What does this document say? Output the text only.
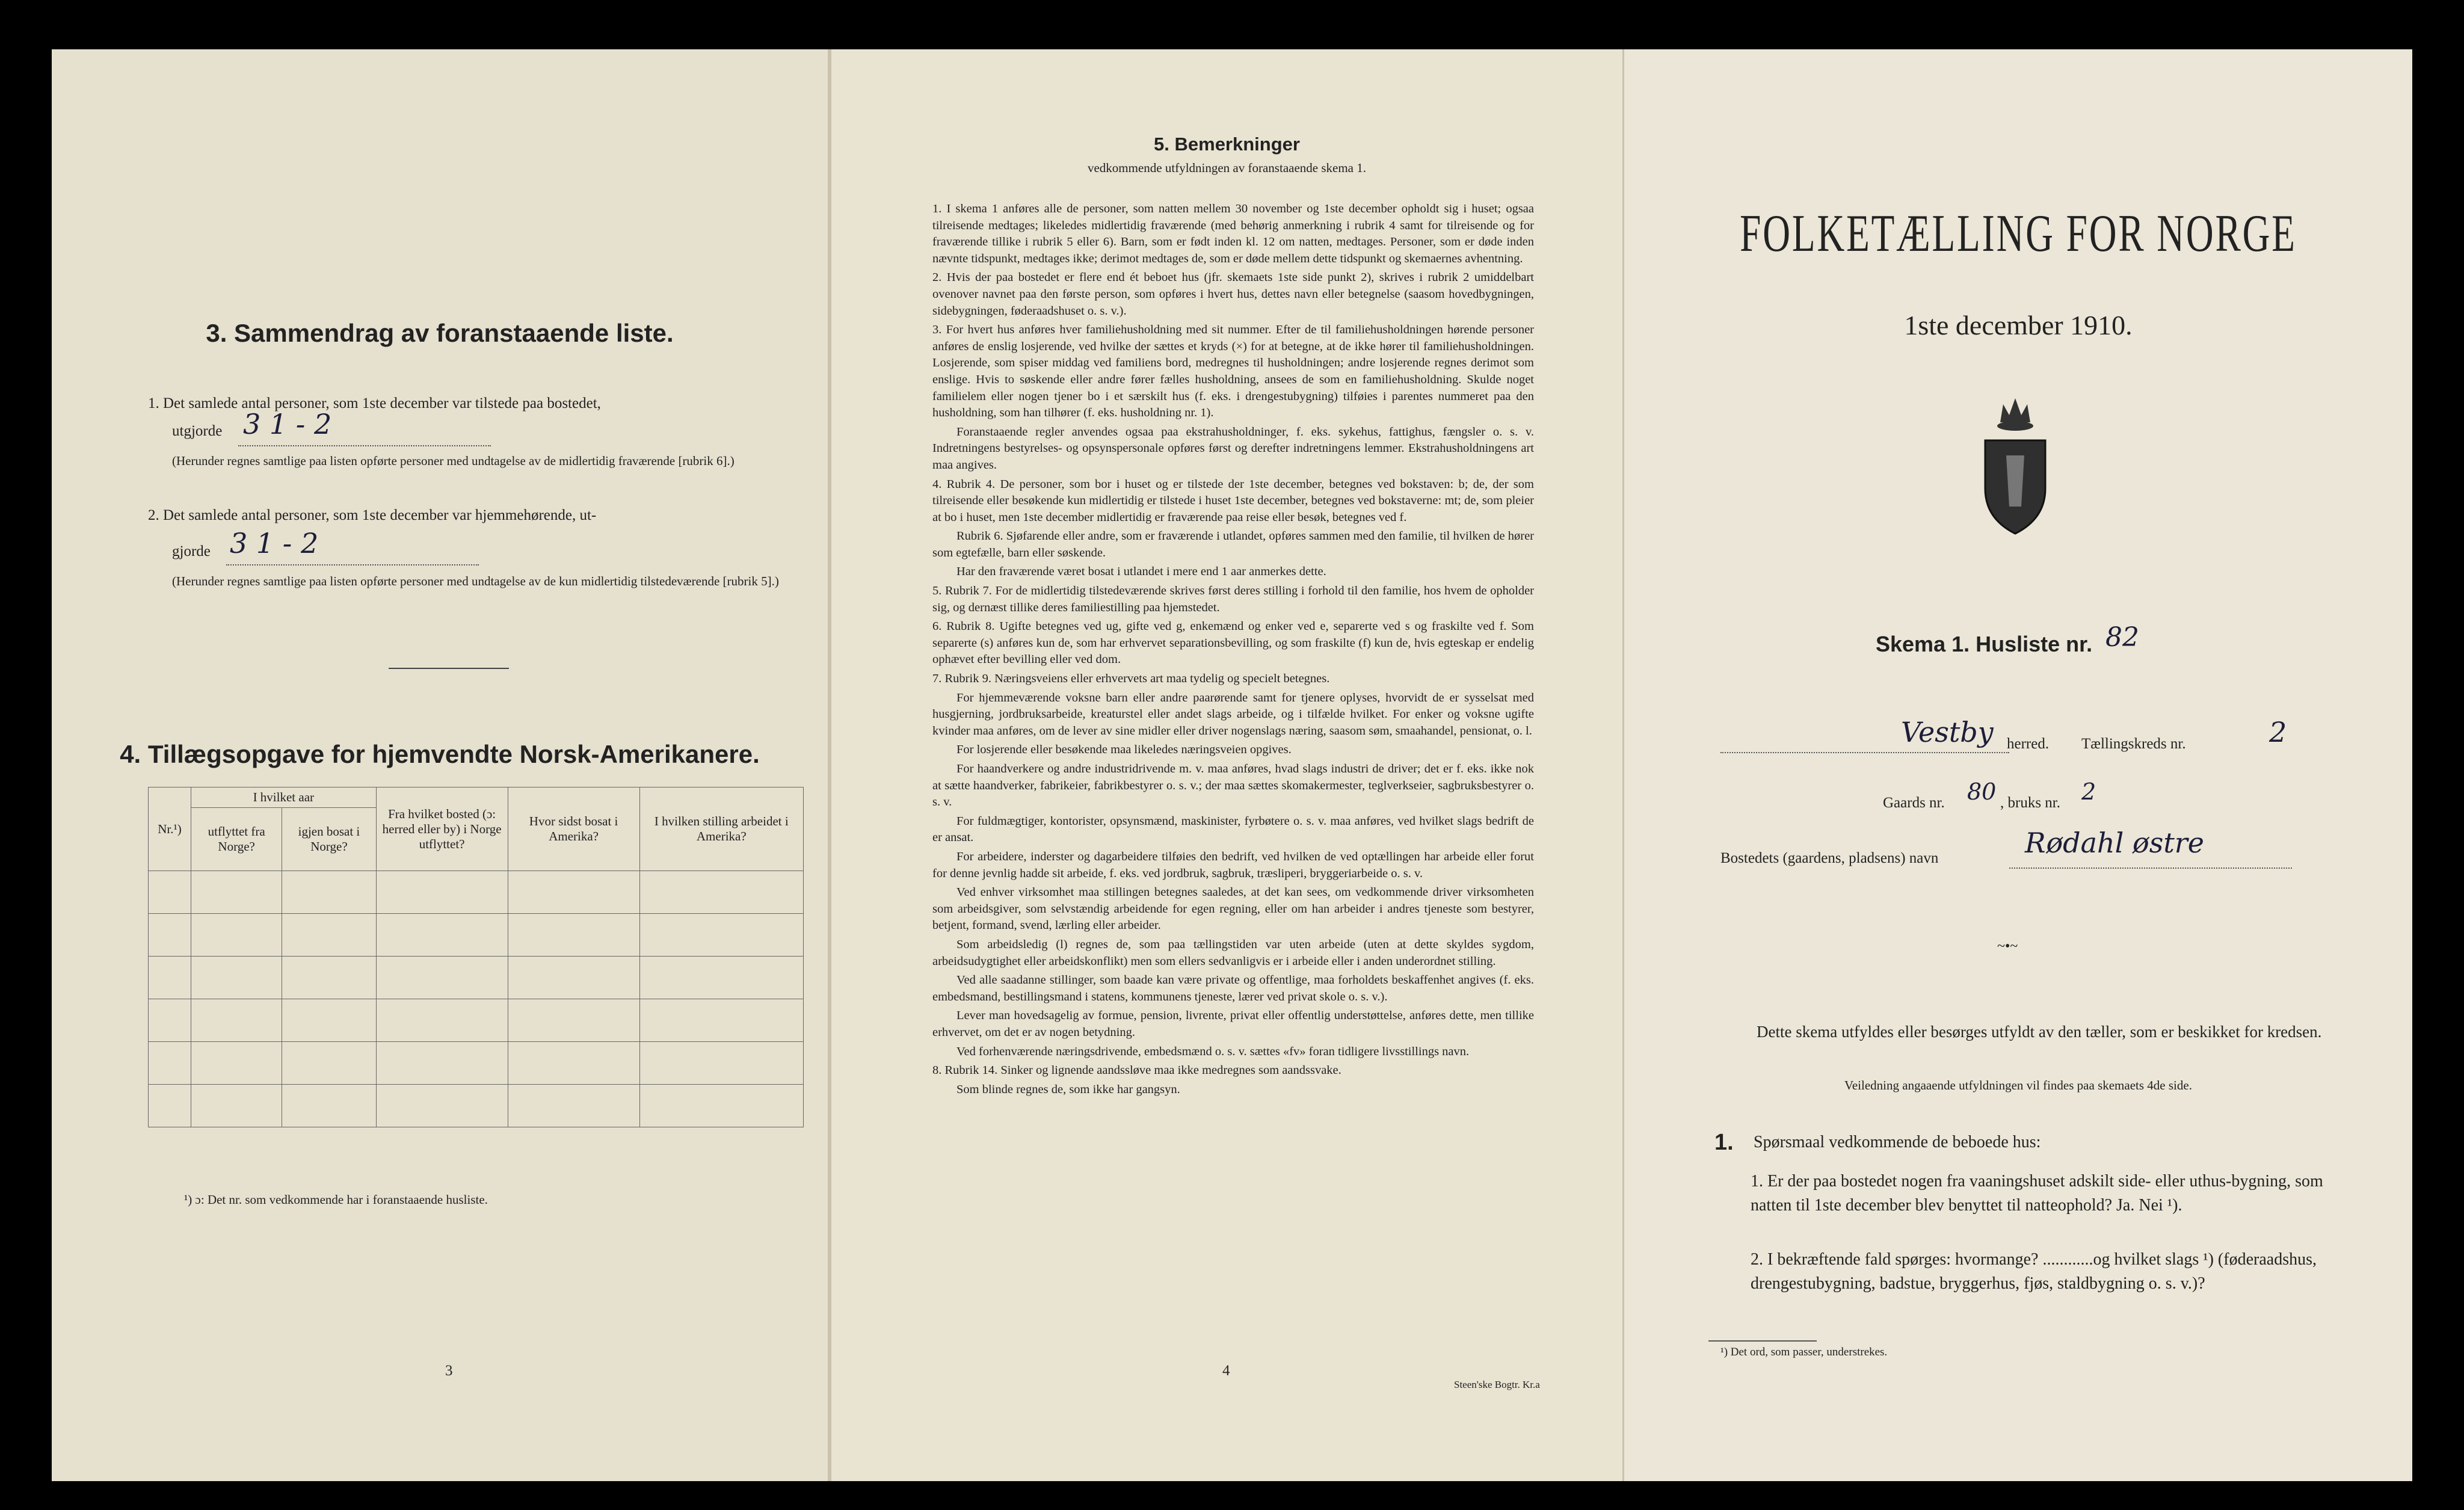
3. Sammendrag av foranstaaende liste.
1. Det samlede antal personer, som 1ste december var tilstede paa bostedet,
utgjorde 3 1 - 2
(Herunder regnes samtlige paa listen opførte personer med undtagelse av de midlertidig fraværende [rubrik 6].)
2. Det samlede antal personer, som 1ste december var hjemmehørende, ut-
gjorde 3 1 - 2
(Herunder regnes samtlige paa listen opførte personer med undtagelse av de kun midlertidig tilstedeværende [rubrik 5].)
4. Tillægsopgave for hjemvendte Norsk-Amerikanere.
Nr.¹)	I hvilket aar		Fra hvilket bosted (ɔ: herred eller by) i Norge utflyttet?	Hvor sidst bosat i Amerika?	I hvilken stilling arbeidet i Amerika?
	utflyttet fra Norge?	igjen bosat i Norge?			

¹) ɔ: Det nr. som vedkommende har i foranstaaende husliste.
3
5. Bemerkninger
vedkommende utfyldningen av foranstaaende skema 1.

1. I skema 1 anføres alle de personer, som natten mellem 30 november og 1ste december opholdt sig i huset; ogsaa tilreisende medtages; likeledes midlertidig fraværende (med behørig anmerkning i rubrik 4 samt for tilreisende og for fraværende tillike i rubrik 5 eller 6). Barn, som er født inden kl. 12 om natten, medtages. Personer, som er døde inden nævnte tidspunkt, medtages ikke; derimot medtages de, som er døde mellem dette tidspunkt og skemaernes avhentning.

2. Hvis der paa bostedet er flere end ét beboet hus (jfr. skemaets 1ste side punkt 2), skrives i rubrik 2 umiddelbart ovenover navnet paa den første person, som opføres i hvert hus, dettes navn eller betegnelse (saasom hovedbygningen, sidebygningen, føderaadshuset o. s. v.).

3. For hvert hus anføres hver familiehusholdning med sit nummer. Efter de til familiehusholdningen hørende personer anføres de enslig losjerende, ved hvilke der sættes et kryds (×) for at betegne, at de ikke hører til familiehusholdningen. Losjerende, som spiser middag ved familiens bord, medregnes til husholdningen; andre losjerende regnes derimot som enslige. Hvis to søskende eller andre fører fælles husholdning, ansees de som en familiehusholdning. Skulde noget familielem eller nogen tjener bo i et særskilt hus (f. eks. i drengestubygning) tilføies i parentes nummeret paa den husholdning, som han tilhører (f. eks. husholdning nr. 1).

Foranstaaende regler anvendes ogsaa paa ekstrahusholdninger, f. eks. sykehus, fattighus, fængsler o. s. v. Indretningens bestyrelses- og opsynspersonale opføres først og derefter indretningens lemmer. Ekstrahusholdningens art maa angives.

4. Rubrik 4. De personer, som bor i huset og er tilstede der 1ste december, betegnes ved bokstaven: b; de, der som tilreisende eller besøkende kun midlertidig er tilstede i huset 1ste december, betegnes ved bokstaverne: mt; de, som pleier at bo i huset, men 1ste december midlertidig er fraværende paa reise eller besøk, betegnes ved f.

Rubrik 6. Sjøfarende eller andre, som er fraværende i utlandet, opføres sammen med den familie, til hvilken de hører som egtefælle, barn eller søskende.

Har den fraværende været bosat i utlandet i mere end 1 aar anmerkes dette.

5. Rubrik 7. For de midlertidig tilstedeværende skrives først deres stilling i forhold til den familie, hos hvem de opholder sig, og dernæst tillike deres familiestilling paa hjemstedet.

6. Rubrik 8. Ugifte betegnes ved ug, gifte ved g, enkemænd og enker ved e, separerte ved s og fraskilte ved f. Som separerte (s) anføres kun de, som har erhvervet separationsbevilling, og som fraskilte (f) kun de, hvis egteskap er endelig ophævet efter bevilling eller ved dom.

7. Rubrik 9. Næringsveiens eller erhvervets art maa tydelig og specielt betegnes.

For hjemmeværende voksne barn eller andre paarørende samt for tjenere oplyses, hvorvidt de er sysselsat med husgjerning, jordbruksarbeide, kreaturstel eller andet slags arbeide, og i tilfælde hvilket. For enker og voksne ugifte kvinder maa anføres, om de lever av sine midler eller driver nogenslags næring, saasom søm, smaahandel, pensionat, o. l.

For losjerende eller besøkende maa likeledes næringsveien opgives.

For haandverkere og andre industridrivende m. v. maa anføres, hvad slags industri de driver; det er f. eks. ikke nok at sætte haandverker, fabrikeier, fabrikbestyrer o. s. v.; der maa sættes skomakermester, teglverkseier, sagbruksbestyrer o. s. v.

For fuldmægtiger, kontorister, opsynsmænd, maskinister, fyrbøtere o. s. v. maa anføres, ved hvilket slags bedrift de er ansat.

For arbeidere, inderster og dagarbeidere tilføies den bedrift, ved hvilken de ved optællingen har arbeide eller forut for denne jevnlig hadde sit arbeide, f. eks. ved jordbruk, sagbruk, træsliperi, bryggeriarbeide o. s. v.

Ved enhver virksomhet maa stillingen betegnes saaledes, at det kan sees, om vedkommende driver virksomheten som arbeidsgiver, som selvstændig arbeidende for egen regning, eller om han arbeider i andres tjeneste som bestyrer, betjent, formand, svend, lærling eller arbeider.

Som arbeidsledig (l) regnes de, som paa tællingstiden var uten arbeide (uten at dette skyldes sygdom, arbeidsudygtighet eller arbeidskonflikt) men som ellers sedvanligvis er i arbeide eller i anden underordnet stilling.

Ved alle saadanne stillinger, som baade kan være private og offentlige, maa forholdets beskaffenhet angives (f. eks. embedsmand, bestillingsmand i statens, kommunens tjeneste, lærer ved privat skole o. s. v.).

Lever man hovedsagelig av formue, pension, livrente, privat eller offentlig understøttelse, anføres dette, men tillike erhvervet, om det er av nogen betydning.

Ved forhenværende næringsdrivende, embedsmænd o. s. v. sættes «fv» foran tidligere livsstillings navn.

8. Rubrik 14. Sinker og lignende aandssløve maa ikke medregnes som aandssvake.

Som blinde regnes de, som ikke har gangsyn.

4
Steen'ske Bogtr. Kr.a
FOLKETÆLLING FOR NORGE
1ste december 1910.
Skema 1. Husliste nr. 82
Vestby herred. Tællingskreds nr.	2
Gaards nr. 80 , bruks nr. 2
Bostedets (gaardens, pladsens) navn	Rødahl østre
~•~
Dette skema utfyldes eller besørges utfyldt av den tæller, som er beskikket for kredsen.
Veiledning angaaende utfyldningen vil findes paa skemaets 4de side.
1. Spørsmaal vedkommende de beboede hus:
1. Er der paa bostedet nogen fra vaaningshuset adskilt side- eller uthus-bygning, som natten til 1ste december blev benyttet til natteophold? Ja. Nei ¹).
2. I bekræftende fald spørges: hvormange? ............og hvilket slags ¹) (føderaadshus, drengestubygning, badstue, bryggerhus, fjøs, staldbygning o. s. v.)?
¹) Det ord, som passer, understrekes.
